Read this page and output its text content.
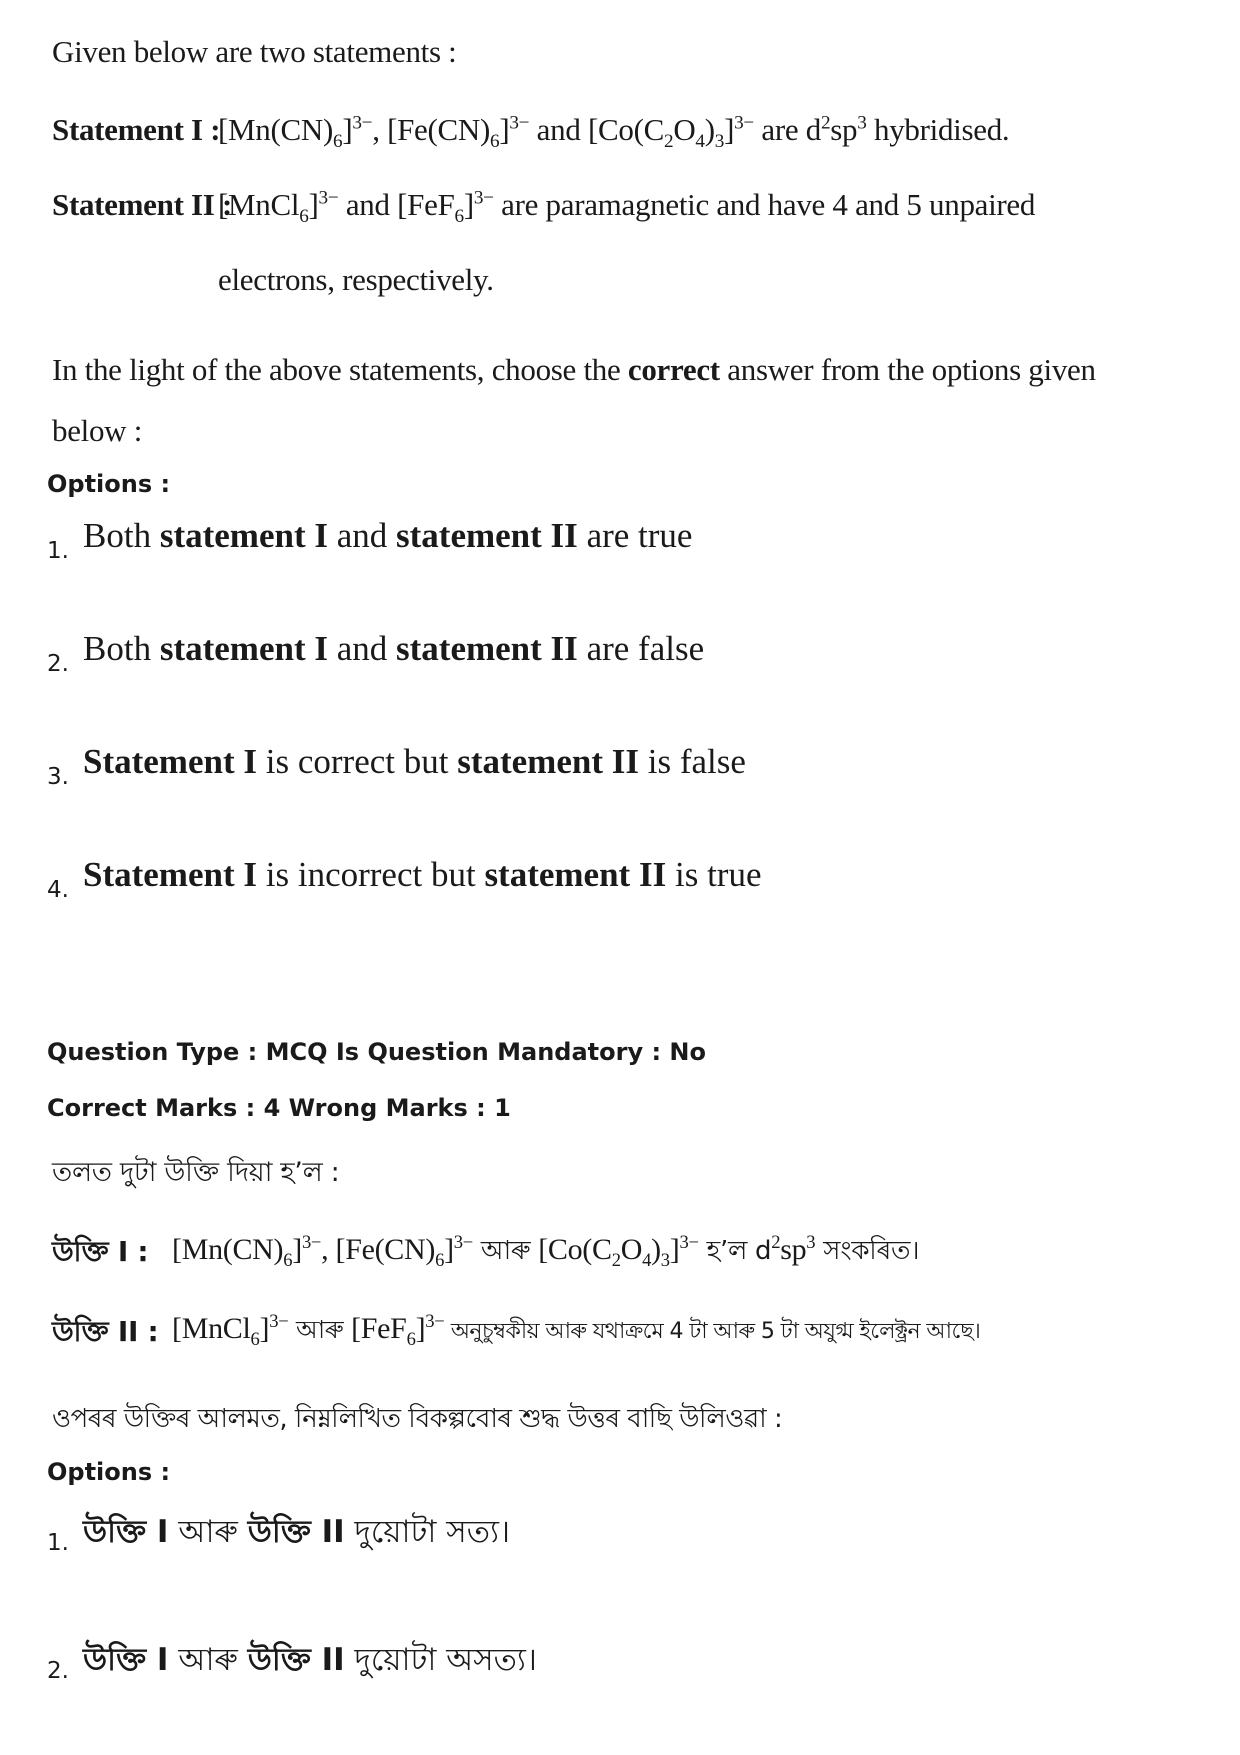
Given below are two statements :
Statement I :
$[Mn(CN)_6]^{3-}$, $[Fe(CN)_6]^{3-}$ and $[Co(C_2O_4)_3]^{3-}$ are $d^2sp^3$ hybridised.
Statement II :
[MnCl$_6$]$^{3-}$ and $[FeF_6]^{3-}$ are paramagnetic and have 4 and 5 unpaired
electrons, respectively.
In the light of the above statements, choose the correct answer from the options given
below :
Options :
1. Both statement I and statement II are true
2. Both statement I and statement II are false
3. Statement I is correct but statement II is false
4. Statement I is incorrect but statement II is true
Question Type : MCQ Is Question Mandatory : No
Correct Marks : 4 Wrong Marks : 1
তলত দুটা উক্তি দিয়া হ’ল :
উক্তি I : $[Mn(CN)_6]^{3-}$, $[Fe(CN)_6]^{3-}$ আৰু $[Co(C_2O_4)_3]^{3-}$ হ’ল $d^2sp^3$ সংকৰিত।
উক্তি II : [MnCl$_6$]$^{3-}$ আৰু $[FeF_6]^{3-}$ অনুচুম্বকীয় আৰু যথাক্ৰমে 4 টা আৰু 5 টা অযুগ্ম ইলেক্ট্ৰন আছে।
ওপৰৰ উক্তিৰ আলমত, নিম্নলিখিত বিকল্পবোৰ শুদ্ধ উত্তৰ বাছি উলিওৱা :
Options :
1. উক্তি I আৰু উক্তি II দুয়োটা সত্য।
2. উক্তি I আৰু উক্তি II দুয়োটা অসত্য।
